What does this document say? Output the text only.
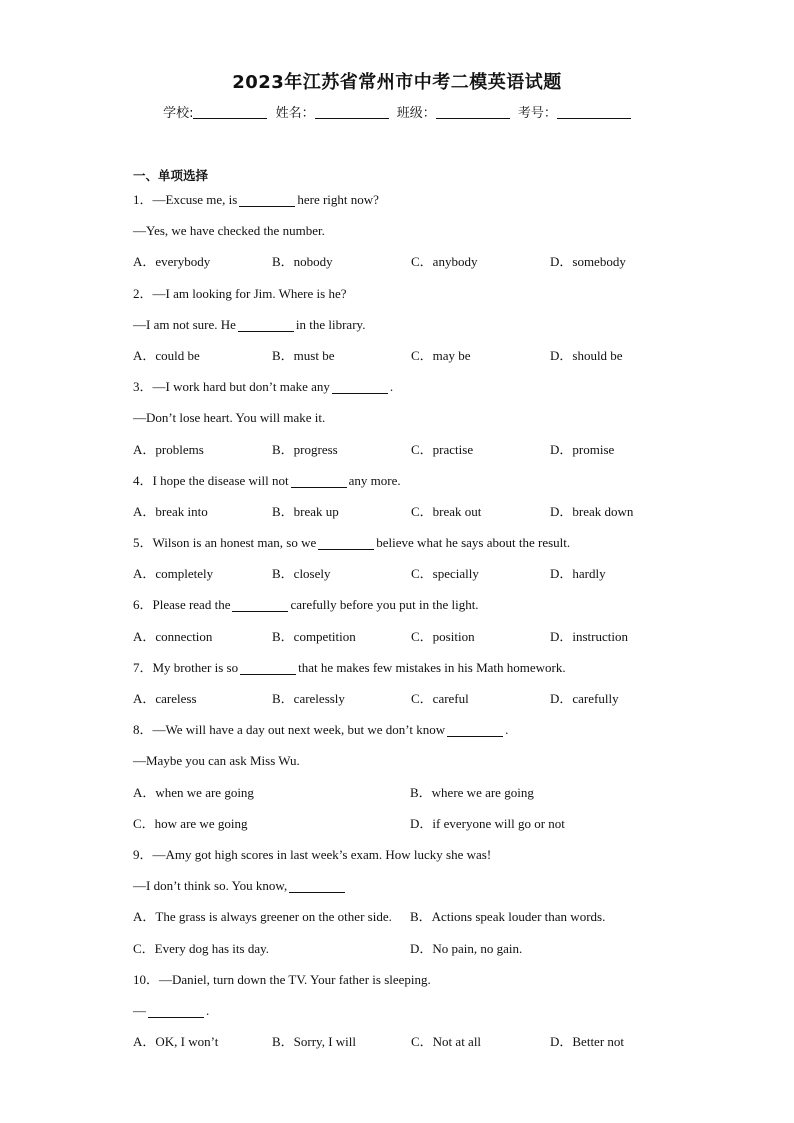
2023年江苏省常州市中考二模英语试题
学校:	姓名：	班级：	考号：
一、单项选择
1．—Excuse me, is	here right now?
—Yes, we have checked the number.
A．everybody	B．nobody	C．anybody	D．somebody
2．—I am looking for Jim. Where is he?
—I am not sure. He	in the library.
A．could be	B．must be	C．may be	D．should be
3．—I work hard but don’t make any	.
—Don’t lose heart. You will make it.
A．problems	B．progress	C．practise	D．promise
4．I hope the disease will not	any more.
A．break into	B．break up	C．break out	D．break down
5．Wilson is an honest man, so we	believe what he says about the result.
A．completely	B．closely	C．specially	D．hardly
6．Please read the	carefully before you put in the light.
A．connection	B．competition	C．position	D．instruction
7．My brother is so	that he makes few mistakes in his Math homework.
A．careless	B．carelessly	C．careful	D．carefully
8．—We will have a day out next week, but we don’t know	.
—Maybe you can ask Miss Wu.
A．when we are going	B．where we are going
C．how are we going	D．if everyone will go or not
9．—Amy got high scores in last week’s exam. How lucky she was!
—I don’t think so. You know,
A．The grass is always greener on the other side.	B．Actions speak louder than words.
C．Every dog has its day.	D．No pain, no gain.
10．—Daniel, turn down the TV. Your father is sleeping.
—	.
A．OK, I won’t	B．Sorry, I will	C．Not at all	D．Better not
